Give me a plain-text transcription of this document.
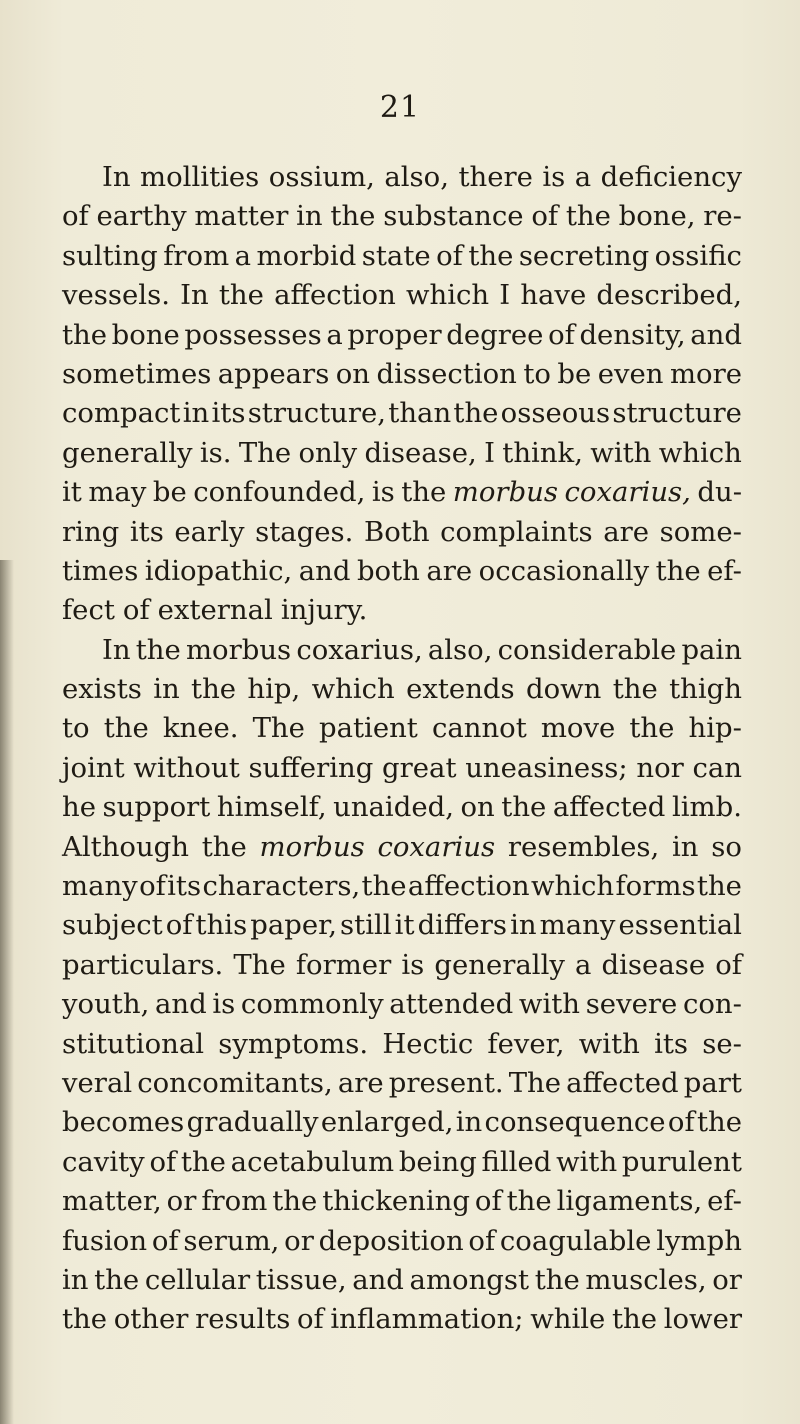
21
In mollities ossium, also, there is a deficiency
of earthy matter in the substance of the bone, re-
sulting from a morbid state of the secreting ossific
vessels. In the affection which I have described,
the bone possesses a proper degree of density, and
sometimes appears on dissection to be even more
compact in its structure, than the osseous structure
generally is. The only disease, I think, with which
it may be confounded, is the morbus coxarius, du-
ring its early stages. Both complaints are some-
times idiopathic, and both are occasionally the ef-
fect of external injury.
In the morbus coxarius, also, considerable pain
exists in the hip, which extends down the thigh
to the knee. The patient cannot move the hip-
joint without suffering great uneasiness; nor can
he support himself, unaided, on the affected limb.
Although the morbus coxarius resembles, in so
many of its characters, the affection which forms the
subject of this paper, still it differs in many essential
particulars. The former is generally a disease of
youth, and is commonly attended with severe con-
stitutional symptoms. Hectic fever, with its se-
veral concomitants, are present. The affected part
becomes gradually enlarged, in consequence of the
cavity of the acetabulum being filled with purulent
matter, or from the thickening of the ligaments, ef-
fusion of serum, or deposition of coagulable lymph
in the cellular tissue, and amongst the muscles, or
the other results of inflammation; while the lower
